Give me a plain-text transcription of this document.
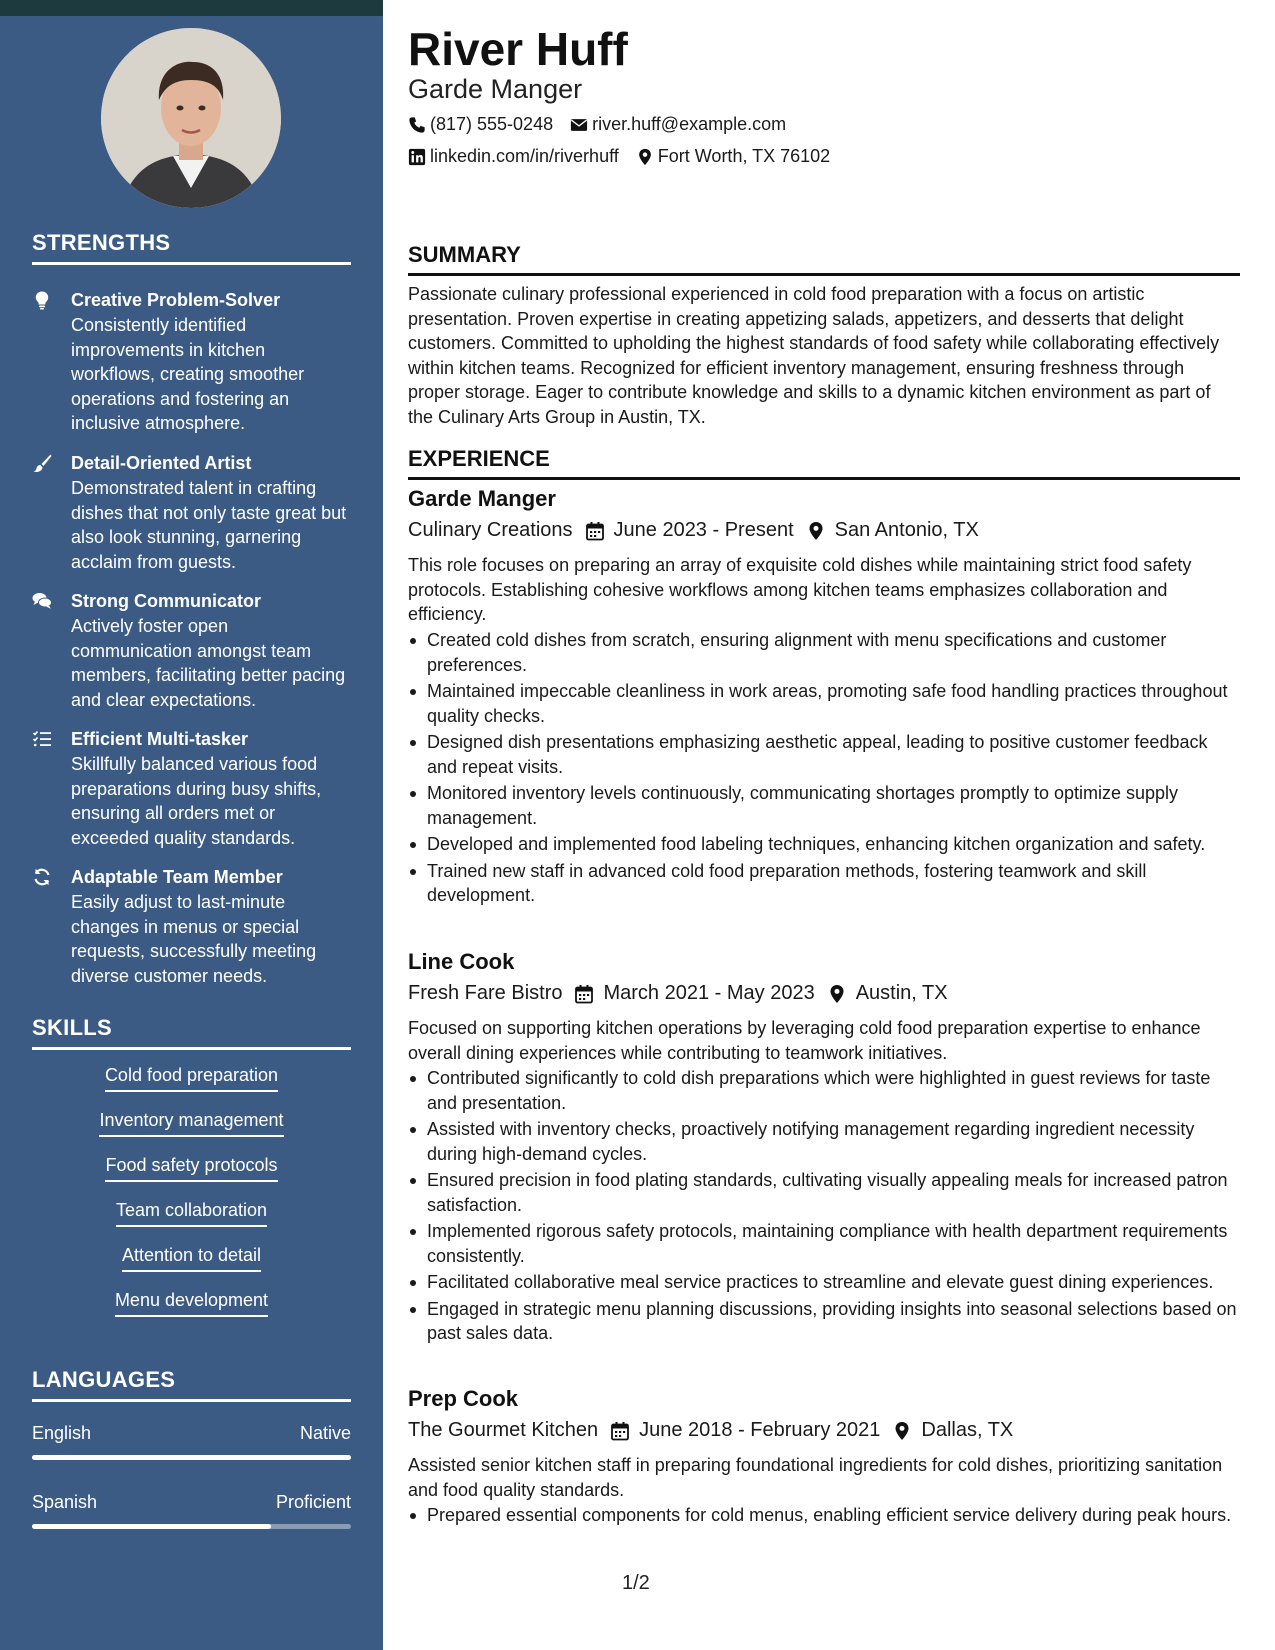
STRENGTHS
Creative Problem-Solver
Consistently identified improvements in kitchen workflows, creating smoother operations and fostering an inclusive atmosphere.
Detail-Oriented Artist
Demonstrated talent in crafting dishes that not only taste great but also look stunning, garnering acclaim from guests.
Strong Communicator
Actively foster open communication amongst team members, facilitating better pacing and clear expectations.
Efficient Multi-tasker
Skillfully balanced various food preparations during busy shifts, ensuring all orders met or exceeded quality standards.
Adaptable Team Member
Easily adjust to last-minute changes in menus or special requests, successfully meeting diverse customer needs.
SKILLS
Cold food preparation
Inventory management
Food safety protocols
Team collaboration
Attention to detail
Menu development
LANGUAGES
English	Native
Spanish	Proficient
River Huff
Garde Manger
(817) 555-0248 river.huff@example.com
linkedin.com/in/riverhuff Fort Worth, TX 76102
SUMMARY
Passionate culinary professional experienced in cold food preparation with a focus on artistic presentation. Proven expertise in creating appetizing salads, appetizers, and desserts that delight customers. Committed to upholding the highest standards of food safety while collaborating effectively within kitchen teams. Recognized for efficient inventory management, ensuring freshness through proper storage. Eager to contribute knowledge and skills to a dynamic kitchen environment as part of the Culinary Arts Group in Austin, TX.
EXPERIENCE
Garde Manger
Culinary Creations June 2023 - Present San Antonio, TX
This role focuses on preparing an array of exquisite cold dishes while maintaining strict food safety protocols. Establishing cohesive workflows among kitchen teams emphasizes collaboration and efficiency.
Created cold dishes from scratch, ensuring alignment with menu specifications and customer preferences.
Maintained impeccable cleanliness in work areas, promoting safe food handling practices throughout quality checks.
Designed dish presentations emphasizing aesthetic appeal, leading to positive customer feedback and repeat visits.
Monitored inventory levels continuously, communicating shortages promptly to optimize supply management.
Developed and implemented food labeling techniques, enhancing kitchen organization and safety.
Trained new staff in advanced cold food preparation methods, fostering teamwork and skill development.
Line Cook
Fresh Fare Bistro March 2021 - May 2023 Austin, TX
Focused on supporting kitchen operations by leveraging cold food preparation expertise to enhance overall dining experiences while contributing to teamwork initiatives.
Contributed significantly to cold dish preparations which were highlighted in guest reviews for taste and presentation.
Assisted with inventory checks, proactively notifying management regarding ingredient necessity during high-demand cycles.
Ensured precision in food plating standards, cultivating visually appealing meals for increased patron satisfaction.
Implemented rigorous safety protocols, maintaining compliance with health department requirements consistently.
Facilitated collaborative meal service practices to streamline and elevate guest dining experiences.
Engaged in strategic menu planning discussions, providing insights into seasonal selections based on past sales data.
Prep Cook
The Gourmet Kitchen June 2018 - February 2021 Dallas, TX
Assisted senior kitchen staff in preparing foundational ingredients for cold dishes, prioritizing sanitation and food quality standards.
Prepared essential components for cold menus, enabling efficient service delivery during peak hours.
1/2
